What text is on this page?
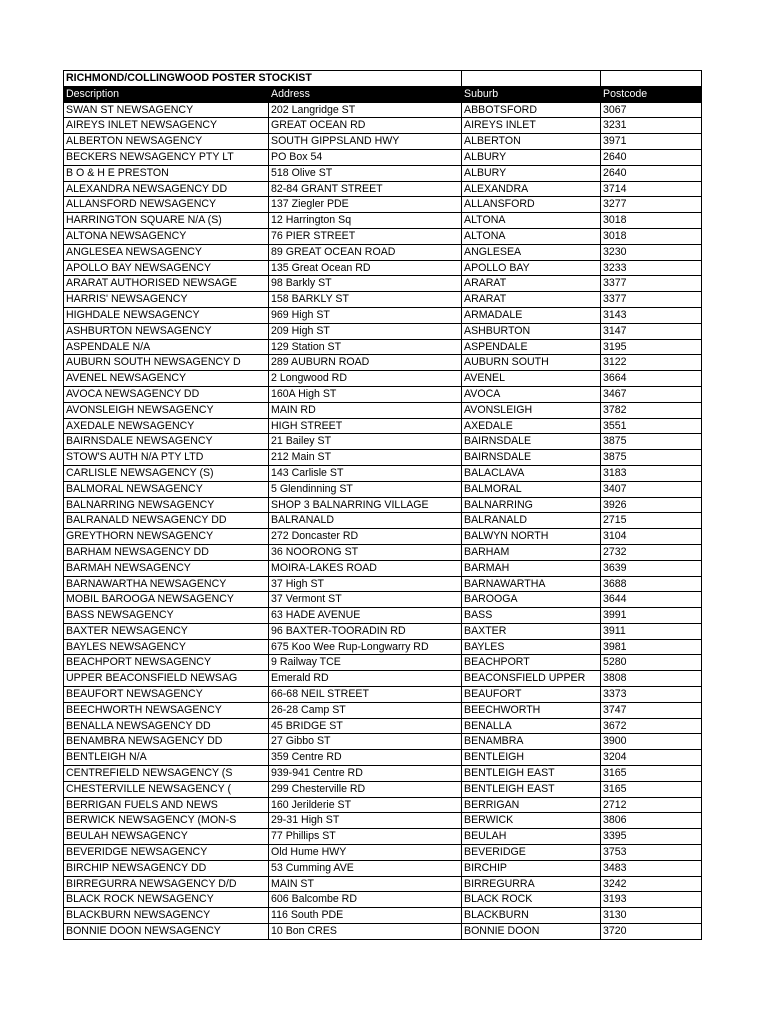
RICHMOND/COLLINGWOOD POSTER STOCKIST			
Description	Address	Suburb	Postcode
SWAN ST NEWSAGENCY	202 Langridge ST	ABBOTSFORD	3067
AIREYS INLET NEWSAGENCY	GREAT OCEAN RD	AIREYS INLET	3231
ALBERTON NEWSAGENCY	SOUTH GIPPSLAND HWY	ALBERTON	3971
BECKERS NEWSAGENCY PTY LT	PO Box 54	ALBURY	2640
B O & H E PRESTON	518 Olive ST	ALBURY	2640
ALEXANDRA NEWSAGENCY DD	82-84 GRANT STREET	ALEXANDRA	3714
ALLANSFORD NEWSAGENCY	137 Ziegler PDE	ALLANSFORD	3277
HARRINGTON SQUARE N/A (S)	12 Harrington Sq	ALTONA	3018
ALTONA NEWSAGENCY	76 PIER STREET	ALTONA	3018
ANGLESEA NEWSAGENCY	89 GREAT OCEAN ROAD	ANGLESEA	3230
APOLLO BAY NEWSAGENCY	135 Great Ocean RD	APOLLO BAY	3233
ARARAT AUTHORISED NEWSAGE	98 Barkly ST	ARARAT	3377
HARRIS' NEWSAGENCY	158 BARKLY ST	ARARAT	3377
HIGHDALE NEWSAGENCY	969 High ST	ARMADALE	3143
ASHBURTON NEWSAGENCY	209 High ST	ASHBURTON	3147
ASPENDALE N/A	129 Station ST	ASPENDALE	3195
AUBURN SOUTH NEWSAGENCY D	289 AUBURN ROAD	AUBURN SOUTH	3122
AVENEL NEWSAGENCY	2 Longwood RD	AVENEL	3664
AVOCA NEWSAGENCY DD	160A High ST	AVOCA	3467
AVONSLEIGH NEWSAGENCY	MAIN RD	AVONSLEIGH	3782
AXEDALE NEWSAGENCY	HIGH STREET	AXEDALE	3551
BAIRNSDALE NEWSAGENCY	21 Bailey ST	BAIRNSDALE	3875
STOW'S AUTH N/A PTY LTD	212 Main ST	BAIRNSDALE	3875
CARLISLE NEWSAGENCY (S)	143 Carlisle ST	BALACLAVA	3183
BALMORAL NEWSAGENCY	5 Glendinning ST	BALMORAL	3407
BALNARRING NEWSAGENCY	SHOP 3 BALNARRING VILLAGE	BALNARRING	3926
BALRANALD NEWSAGENCY DD	BALRANALD	BALRANALD	2715
GREYTHORN NEWSAGENCY	272 Doncaster RD	BALWYN NORTH	3104
BARHAM NEWSAGENCY DD	36 NOORONG ST	BARHAM	2732
BARMAH NEWSAGENCY	MOIRA-LAKES ROAD	BARMAH	3639
BARNAWARTHA NEWSAGENCY	37 High ST	BARNAWARTHA	3688
MOBIL BAROOGA NEWSAGENCY	37 Vermont ST	BAROOGA	3644
BASS NEWSAGENCY	63 HADE AVENUE	BASS	3991
BAXTER NEWSAGENCY	96 BAXTER-TOORADIN RD	BAXTER	3911
BAYLES NEWSAGENCY	675 Koo Wee Rup-Longwarry RD	BAYLES	3981
BEACHPORT NEWSAGENCY	9 Railway TCE	BEACHPORT	5280
UPPER BEACONSFIELD NEWSAG	Emerald RD	BEACONSFIELD UPPER	3808
BEAUFORT NEWSAGENCY	66-68 NEIL STREET	BEAUFORT	3373
BEECHWORTH NEWSAGENCY	26-28 Camp ST	BEECHWORTH	3747
BENALLA NEWSAGENCY DD	45 BRIDGE ST	BENALLA	3672
BENAMBRA NEWSAGENCY DD	27 Gibbo ST	BENAMBRA	3900
BENTLEIGH N/A	359 Centre RD	BENTLEIGH	3204
CENTREFIELD NEWSAGENCY (S	939-941 Centre RD	BENTLEIGH EAST	3165
CHESTERVILLE NEWSAGENCY (	299 Chesterville RD	BENTLEIGH EAST	3165
BERRIGAN FUELS AND NEWS	160 Jerilderie ST	BERRIGAN	2712
BERWICK NEWSAGENCY (MON-S	29-31 High ST	BERWICK	3806
BEULAH NEWSAGENCY	77 Phillips ST	BEULAH	3395
BEVERIDGE NEWSAGENCY	Old Hume HWY	BEVERIDGE	3753
BIRCHIP NEWSAGENCY DD	53 Cumming AVE	BIRCHIP	3483
BIRREGURRA NEWSAGENCY D/D	MAIN ST	BIRREGURRA	3242
BLACK ROCK NEWSAGENCY	606 Balcombe RD	BLACK ROCK	3193
BLACKBURN NEWSAGENCY	116 South PDE	BLACKBURN	3130
BONNIE DOON NEWSAGENCY	10 Bon CRES	BONNIE DOON	3720
